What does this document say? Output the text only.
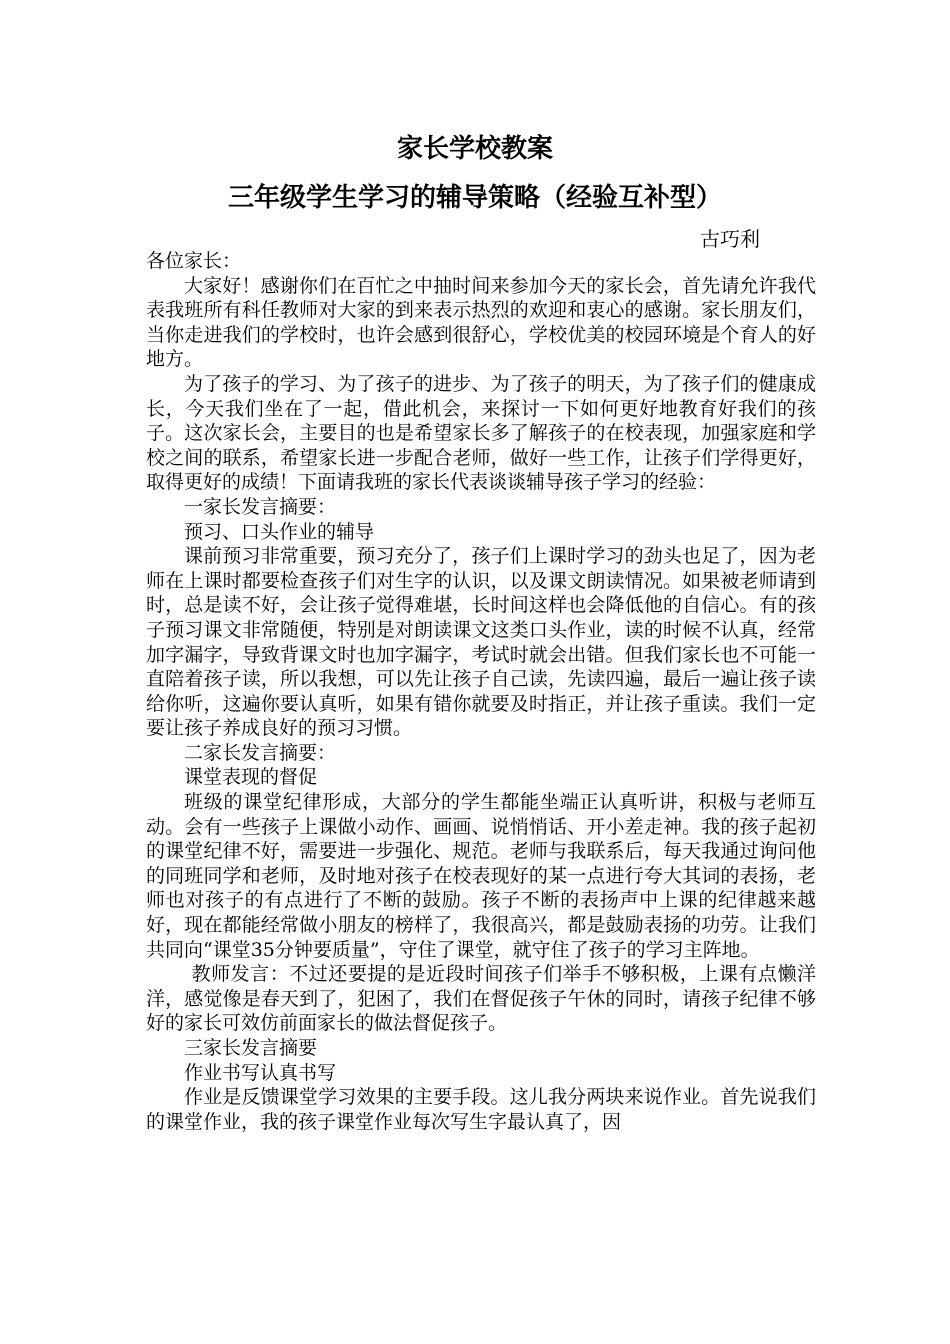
家长学校教案
三年级学生学习的辅导策略（经验互补型）
古巧利

各位家长：

大家好！感谢你们在百忙之中抽时间来参加今天的家长会，首先请允许我代表我班所有科任教师对大家的到来表示热烈的欢迎和衷心的感谢。家长朋友们，当你走进我们的学校时，也许会感到很舒心，学校优美的校园环境是个育人的好地方。

为了孩子的学习、为了孩子的进步、为了孩子的明天，为了孩子们的健康成长，今天我们坐在了一起，借此机会，来探讨一下如何更好地教育好我们的孩子。这次家长会，主要目的也是希望家长多了解孩子的在校表现，加强家庭和学校之间的联系，希望家长进一步配合老师，做好一些工作，让孩子们学得更好，取得更好的成绩！下面请我班的家长代表谈谈辅导孩子学习的经验：

一家长发言摘要：

预习、口头作业的辅导

课前预习非常重要，预习充分了，孩子们上课时学习的劲头也足了，因为老师在上课时都要检查孩子们对生字的认识，以及课文朗读情况。如果被老师请到时，总是读不好，会让孩子觉得难堪，长时间这样也会降低他的自信心。有的孩子预习课文非常随便，特别是对朗读课文这类口头作业，读的时候不认真，经常加字漏字，导致背课文时也加字漏字，考试时就会出错。但我们家长也不可能一直陪着孩子读，所以我想，可以先让孩子自己读，先读四遍，最后一遍让孩子读给你听，这遍你要认真听，如果有错你就要及时指正，并让孩子重读。我们一定要让孩子养成良好的预习习惯。

二家长发言摘要：

课堂表现的督促

班级的课堂纪律形成，大部分的学生都能坐端正认真听讲，积极与老师互动。会有一些孩子上课做小动作、画画、说悄悄话、开小差走神。我的孩子起初的课堂纪律不好，需要进一步强化、规范。老师与我联系后，每天我通过询问他的同班同学和老师，及时地对孩子在校表现好的某一点进行夸大其词的表扬，老师也对孩子的有点进行了不断的鼓励。孩子不断的表扬声中上课的纪律越来越好，现在都能经常做小朋友的榜样了，我很高兴，都是鼓励表扬的功劳。让我们共同向“课堂35分钟要质量”，守住了课堂，就守住了孩子的学习主阵地。

教师发言：不过还要提的是近段时间孩子们举手不够积极，上课有点懒洋洋，感觉像是春天到了，犯困了，我们在督促孩子午休的同时，请孩子纪律不够好的家长可效仿前面家长的做法督促孩子。

三家长发言摘要

作业书写认真书写

作业是反馈课堂学习效果的主要手段。这儿我分两块来说作业。首先说我们的课堂作业，我的孩子课堂作业每次写生字最认真了，因
